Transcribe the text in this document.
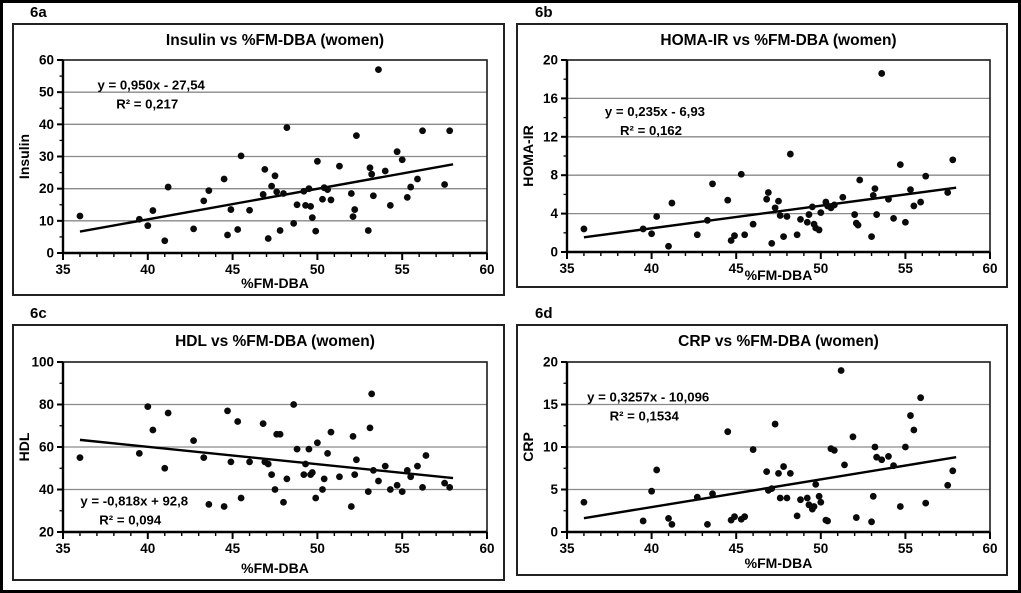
6a	6b
6c	6d
35	40	45	50	55	60
0
10
20
30
40
50
60
Insulin vs %FM-DBA (women)
%FM-DBA
Insulin
y = 0,950x - 27,54
R² = 0,217
35	40	45	50	55	60
0
4
8
12
16
20
HOMA-IR vs %FM-DBA (women)
%FM-DBA
HOMA-IR
y = 0,235x - 6,93
R² = 0,162
35	40	45	50	55	60
20
40
60
80
100
HDL vs %FM-DBA (women)
%FM-DBA
HDL
y = -0,818x + 92,8
R² = 0,094
35	40	45	50	55	60
0
5
10
15
20
CRP vs %FM-DBA (women)
%FM-DBA
CRP
y = 0,3257x - 10,096
R² = 0,1534
